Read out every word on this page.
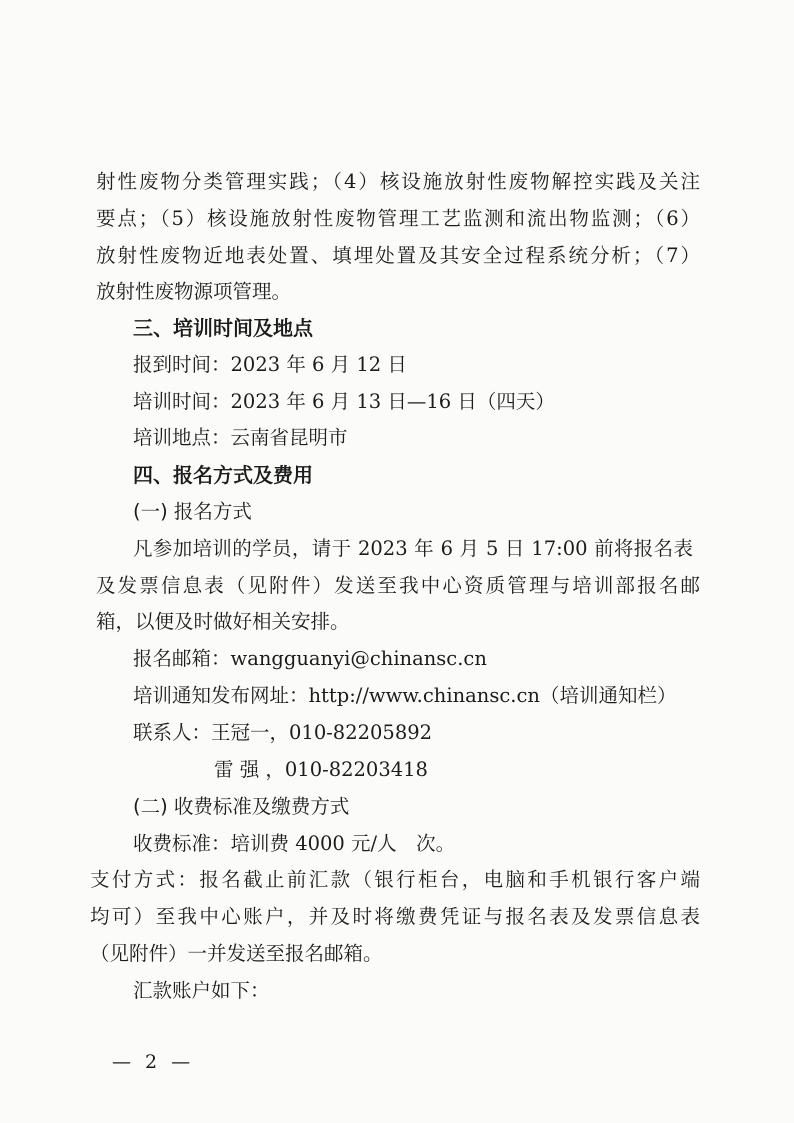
射性废物分类管理实践；（4）核设施放射性废物解控实践及关注
要点；（5）核设施放射性废物管理工艺监测和流出物监测；（6）
放射性废物近地表处置、填埋处置及其安全过程系统分析；（7）
放射性废物源项管理。
三、培训时间及地点
报到时间：2023 年 6 月 12 日
培训时间：2023 年 6 月 13 日—16 日（四天）
培训地点：云南省昆明市
四、报名方式及费用
(一) 报名方式
凡参加培训的学员，请于 2023 年 6 月 5 日 17:00 前将报名表
及发票信息表（见附件）发送至我中心资质管理与培训部报名邮
箱，以便及时做好相关安排。
报名邮箱：wangguanyi@chinansc.cn
培训通知发布网址：http://www.chinansc.cn（培训通知栏）
联系人：王冠一，010-82205892
雷 强 ，010-82203418
(二) 收费标准及缴费方式
收费标准：培训费 4000 元/人　次。
支付方式：报名截止前汇款（银行柜台，电脑和手机银行客户端
均可）至我中心账户，并及时将缴费凭证与报名表及发票信息表
（见附件）一并发送至报名邮箱。
汇款账户如下：
— 2 —
